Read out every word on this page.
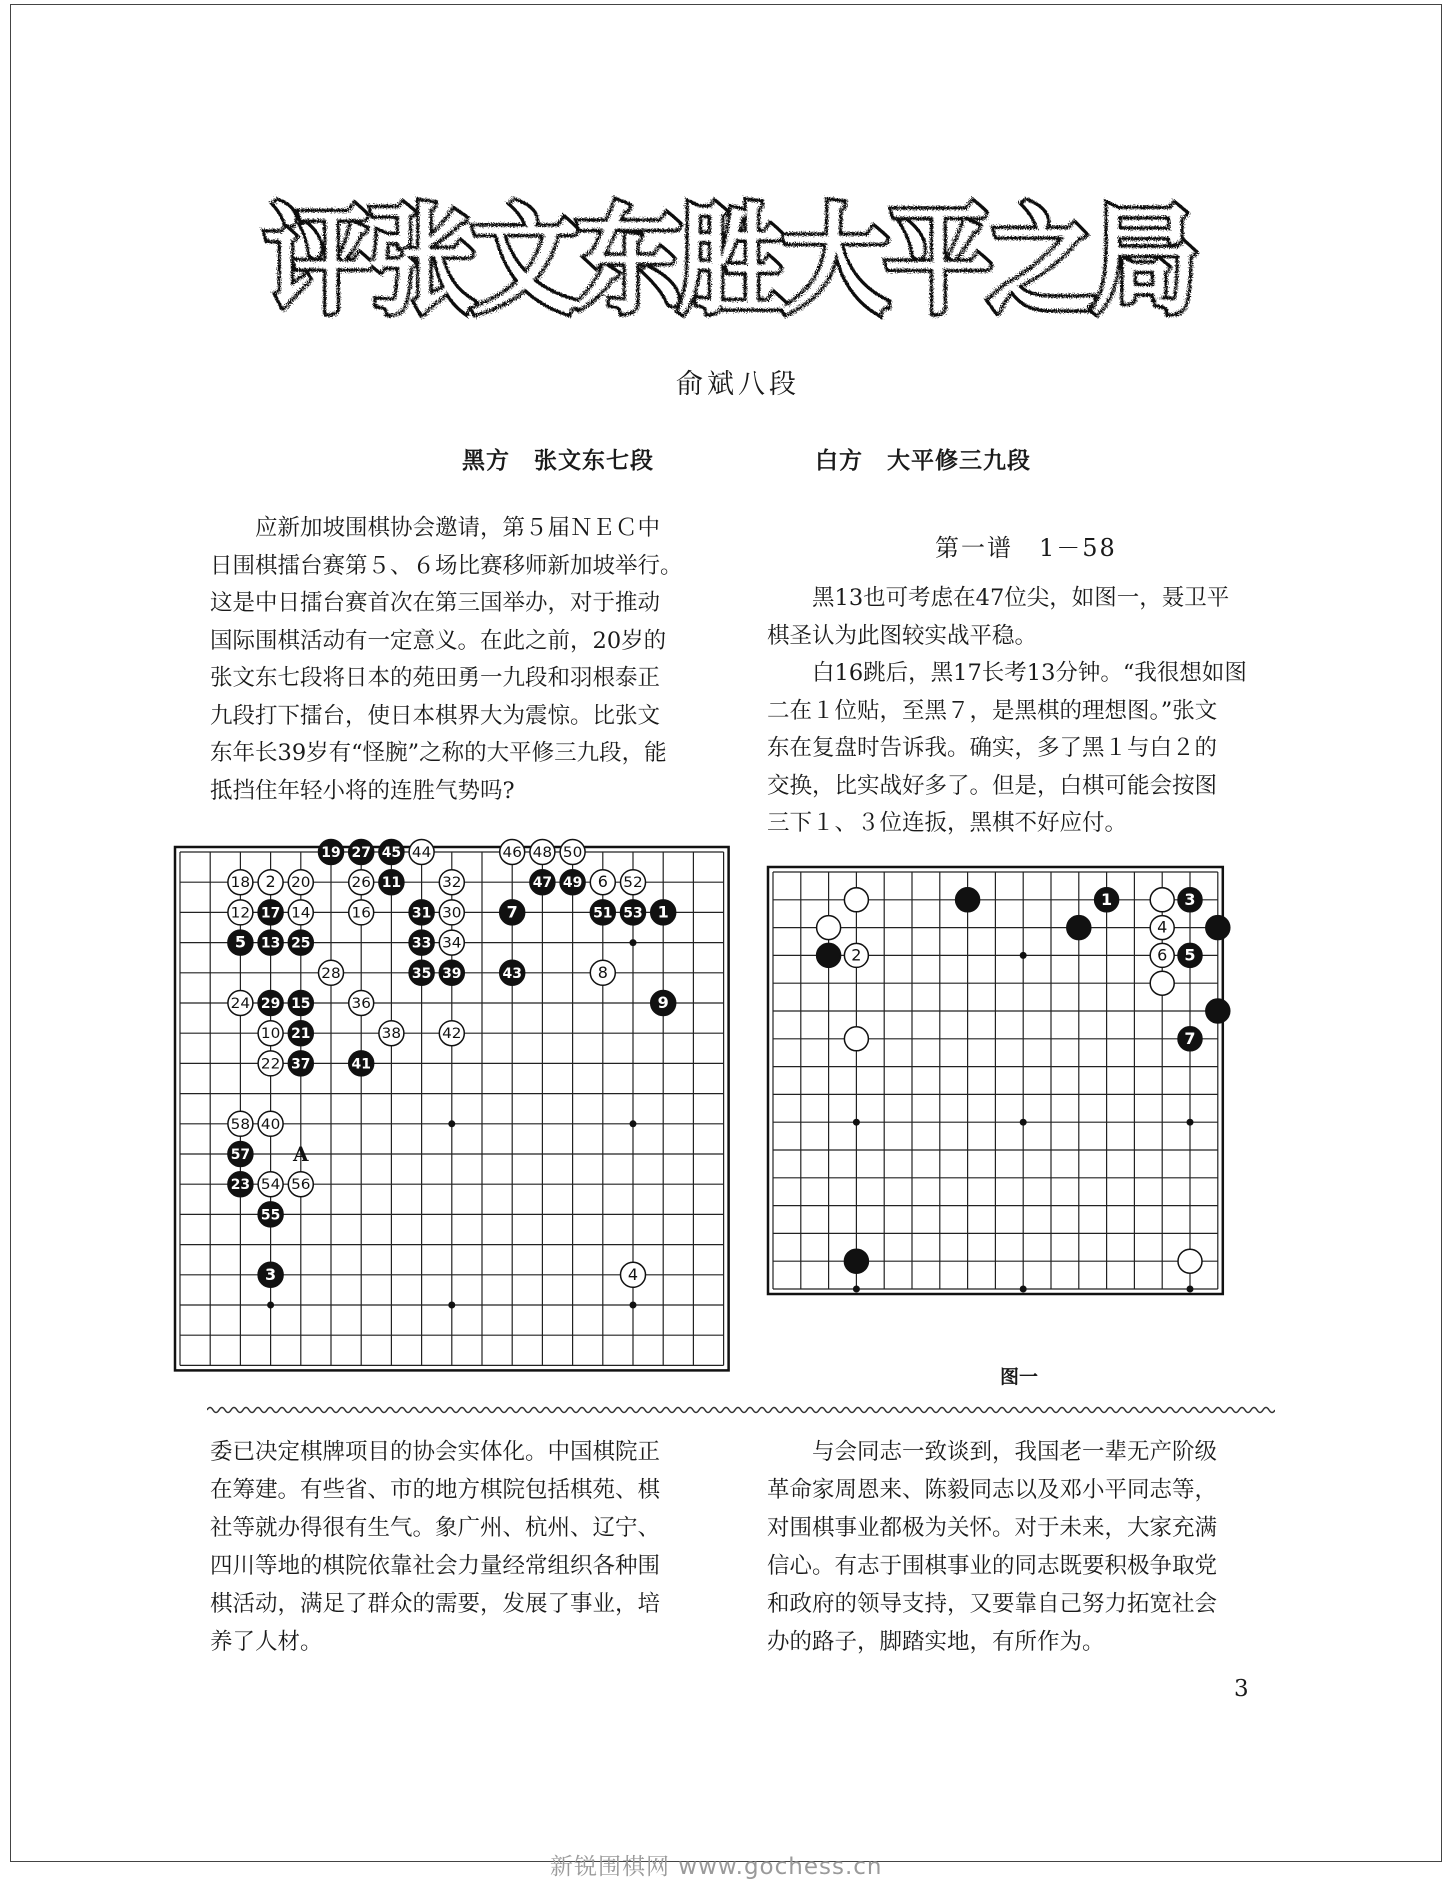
评张文东胜大平之局
俞斌八段
黑方 张文东七段	白方 大平修三九段
应新加坡围棋协会邀请，第５届ＮＥＣ中
日围棋擂台赛第５、６场比赛移师新加坡举行。
这是中日擂台赛首次在第三国举办，对于推动
国际围棋活动有一定意义。在此之前，20岁的
张文东七段将日本的苑田勇一九段和羽根泰正
九段打下擂台，使日本棋界大为震惊。比张文
东年长39岁有“怪腕”之称的大平修三九段，能
抵挡住年轻小将的连胜气势吗?
第一谱　1－58
黑13也可考虑在47位尖，如图一，聂卫平
棋圣认为此图较实战平稳。
白16跳后，黑17长考13分钟。“我很想如图
二在１位贴，至黑７，是黑棋的理想图。”张文
东在复盘时告诉我。确实，多了黑１与白２的
交换，比实战好多了。但是，白棋可能会按图
三下１、３位连扳，黑棋不好应付。
19 27 45 44	46 48 50
18 2 20	26 11	32	47 49 6 52
12 17 14	16	31 30	7	51 53 1
5 13 25	33 34
28	35 39	43	8
24 29 15	36	9
10 21	38	42
22 37	41
58 40
57
23 54 56
55
3	4
A
1	3
4
2	6 5
7
图一
委已决定棋牌项目的协会实体化。中国棋院正
在筹建。有些省、市的地方棋院包括棋苑、棋
社等就办得很有生气。象广州、杭州、辽宁、
四川等地的棋院依靠社会力量经常组织各种围
棋活动，满足了群众的需要，发展了事业，培
养了人材。
与会同志一致谈到，我国老一辈无产阶级
革命家周恩来、陈毅同志以及邓小平同志等，
对围棋事业都极为关怀。对于未来，大家充满
信心。有志于围棋事业的同志既要积极争取党
和政府的领导支持，又要靠自己努力拓宽社会
办的路子，脚踏实地，有所作为。
3
新锐围棋网 www.gochess.cn
